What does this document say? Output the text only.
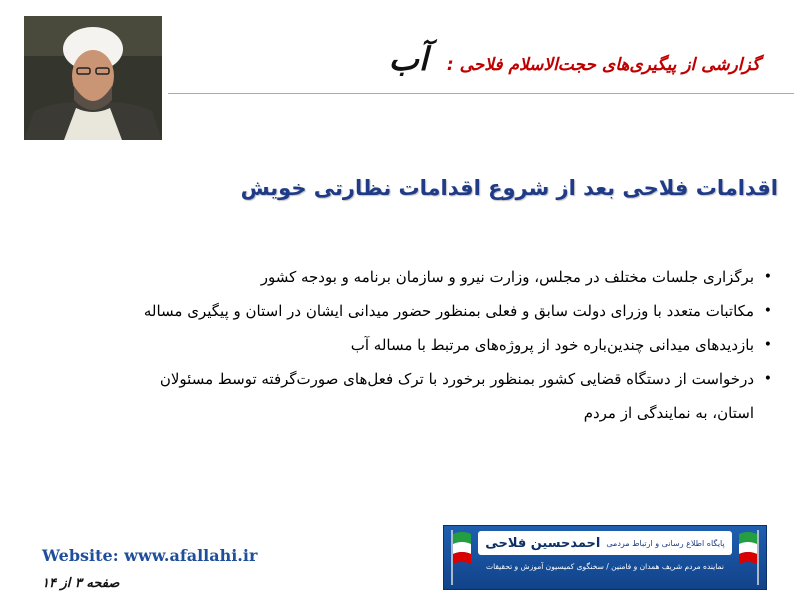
گزارشی از پیگیری‌های حجت‌الاسلام فلاحی : آب
اقدامات فلاحی بعد از شروع اقدامات نظارتی خویش
•
برگزاری جلسات مختلف در مجلس، وزارت نیرو و سازمان برنامه و بودجه کشور
•
مکاتبات متعدد با وزرای دولت سابق و فعلی بمنظور حضور میدانی ایشان در استان و پیگیری مساله
•
بازدیدهای میدانی چندین‌باره خود از پروژه‌های مرتبط با مساله آب
•
درخواست از دستگاه قضایی کشور بمنظور برخورد با ترک فعل‌های صورت‌گرفته توسط مسئولان
استان، به نمایندگی از مردم
Website: www.afallahi.ir
صفحه ۳ از ۱۴
پایگاه اطلاع رسانی و ارتباط مردمی
احمدحسین فلاحی
نماینده مردم شریف همدان و فامنین / سخنگوی کمیسیون آموزش و تحقیقات
